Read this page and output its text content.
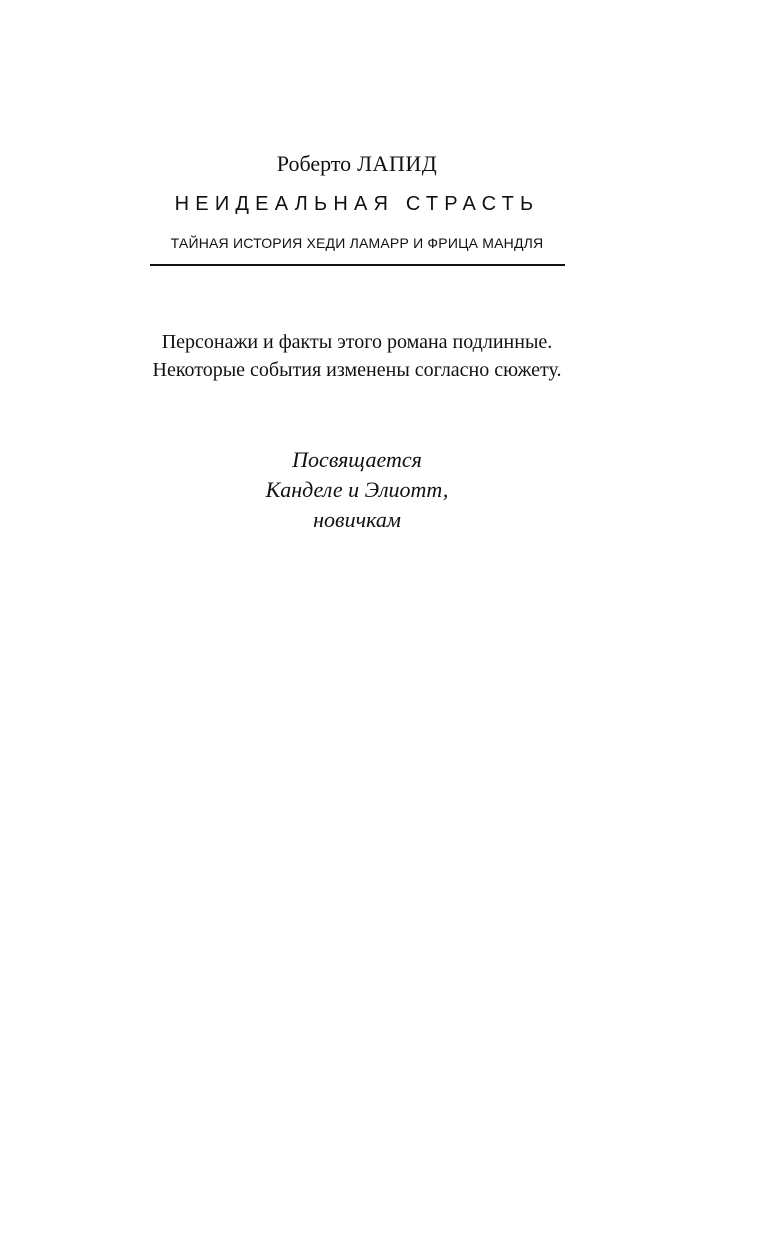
Роберто ЛАПИД
НЕИДЕАЛЬНАЯ СТРАСТЬ
ТАЙНАЯ ИСТОРИЯ ХЕДИ ЛАМАРР И ФРИЦА МАНДЛЯ
Персонажи и факты этого романа подлинные.
Некоторые события изменены согласно сюжету.
Посвящается
Канделе и Элиотт,
новичкам
